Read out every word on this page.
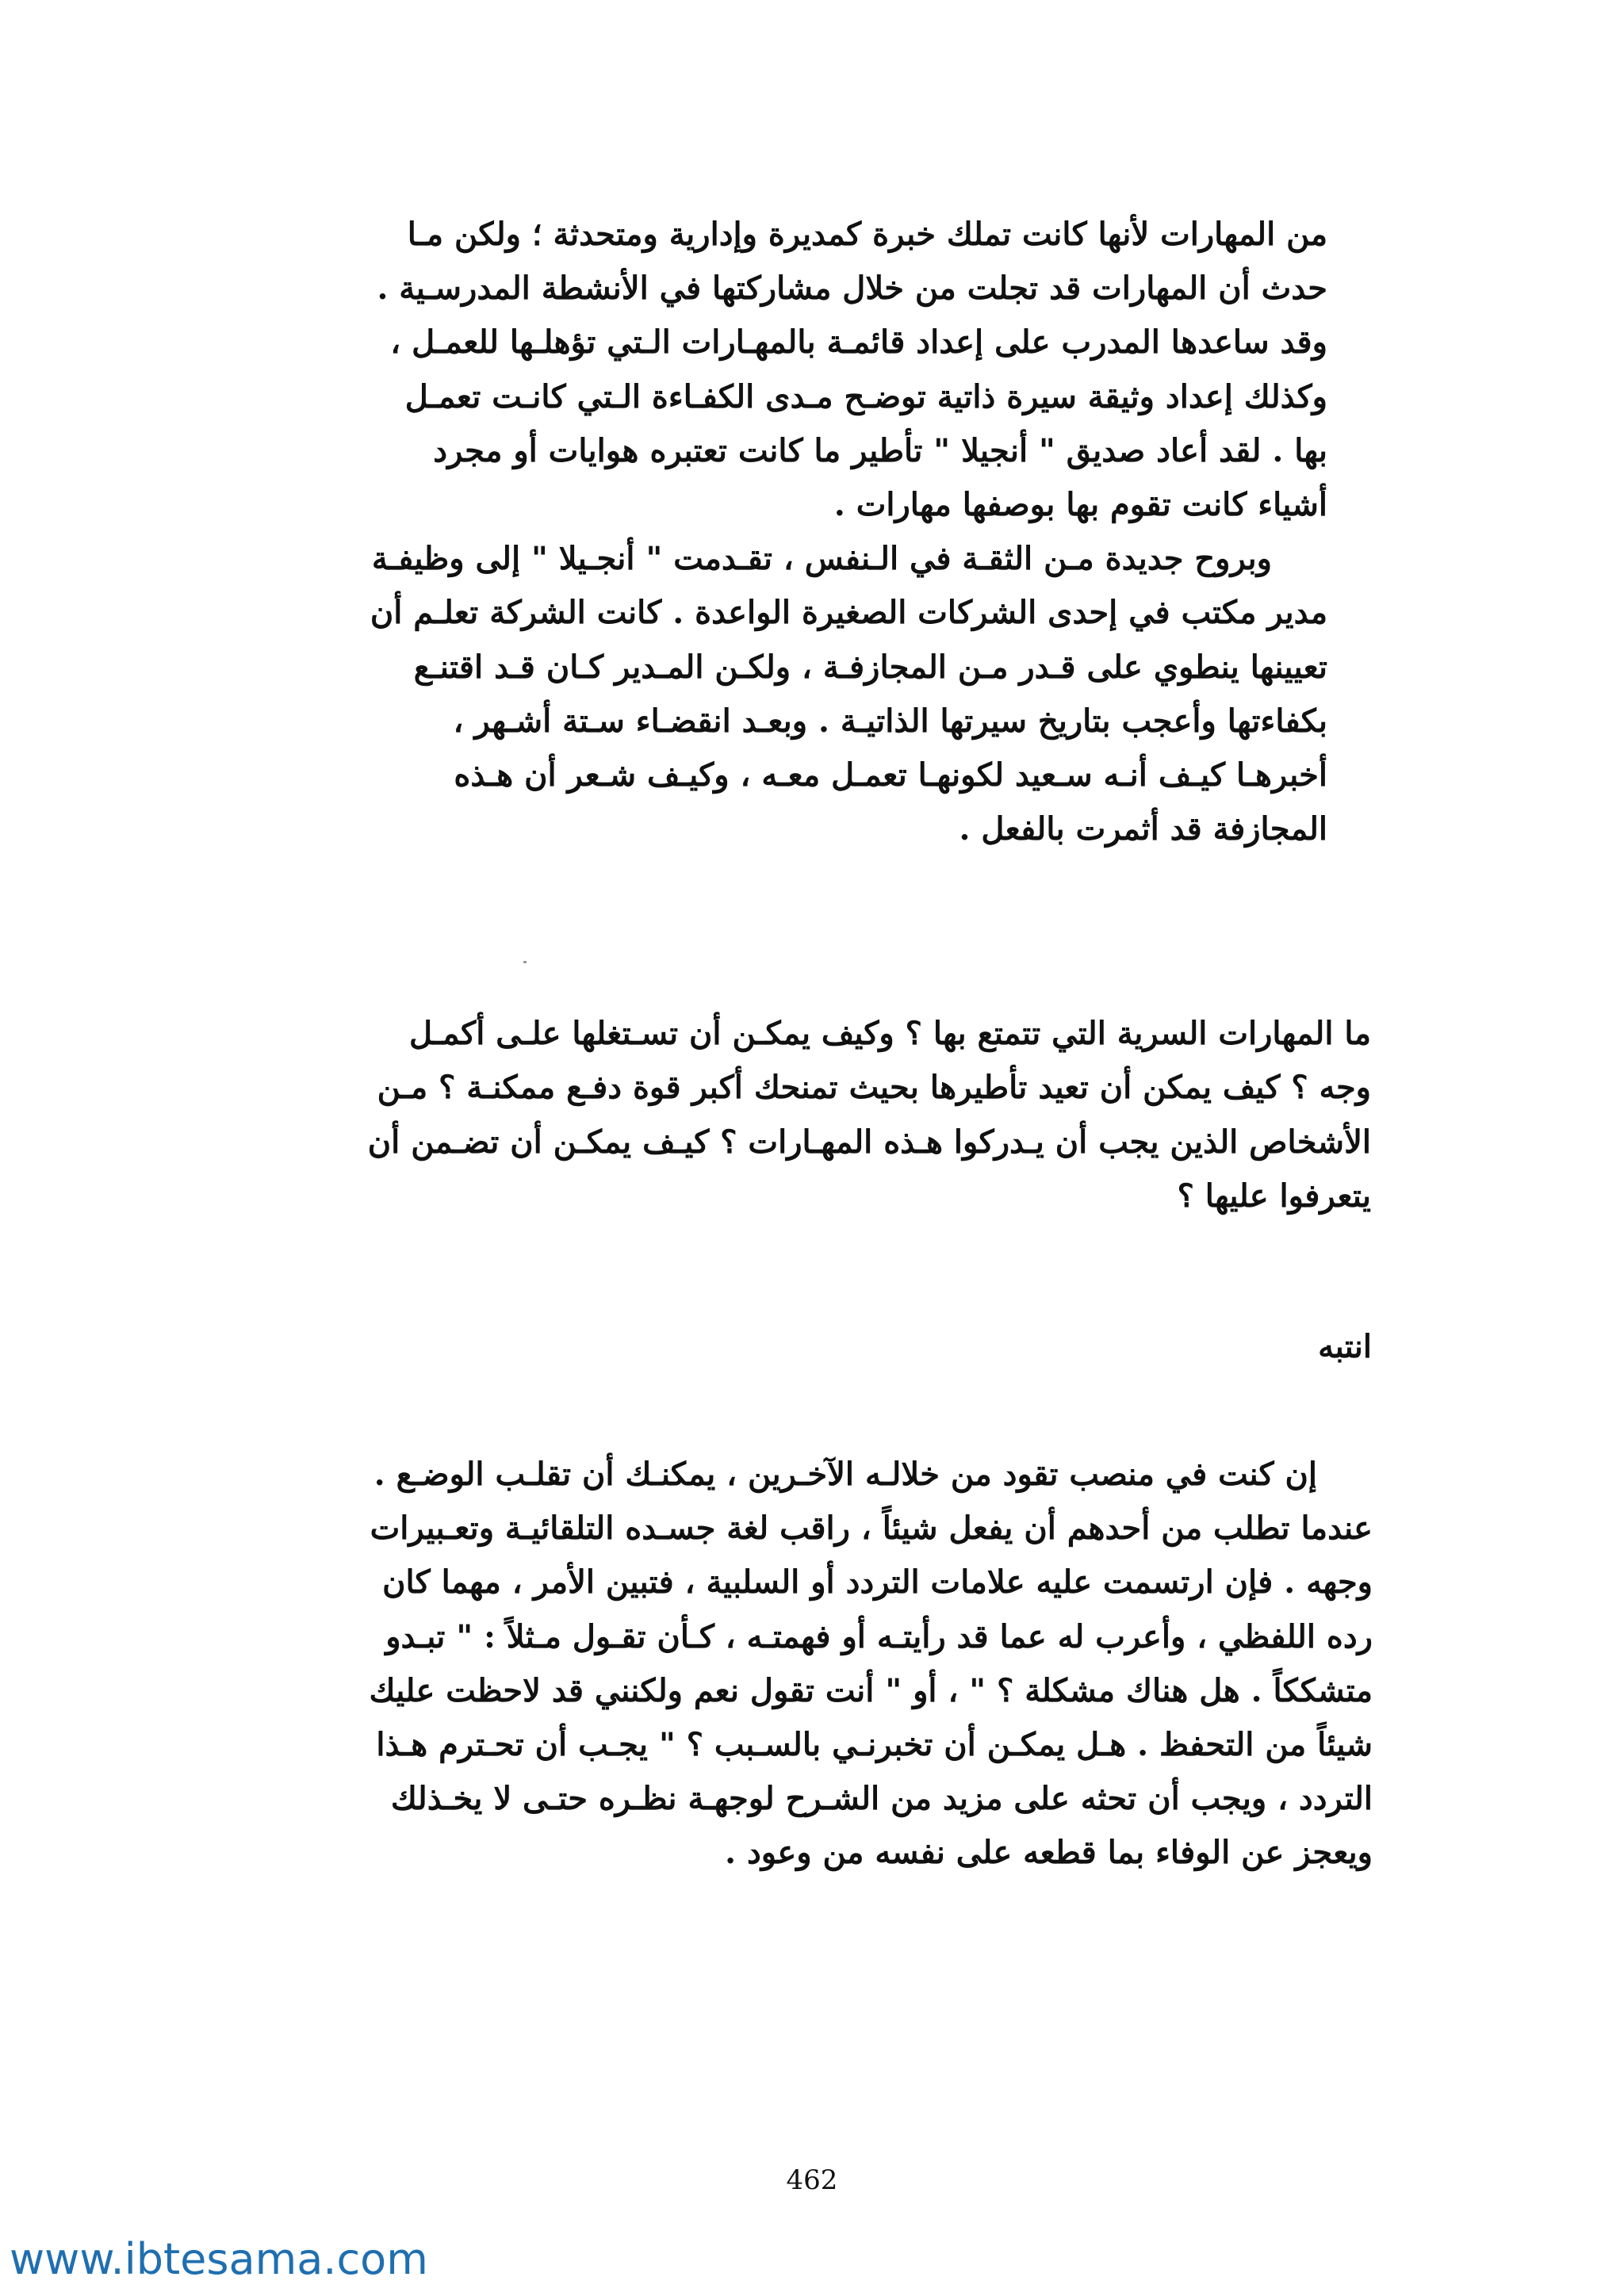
من المهارات لأنها كانت تملك خبرة كمديرة وإدارية ومتحدثة ؛ ولكن مـا
حدث أن المهارات قد تجلت من خلال مشاركتها في الأنشطة المدرسـية .
وقد ساعدها المدرب على إعداد قائمـة بالمهـارات الـتي تؤهلـها للعمـل ،
وكذلك إعداد وثيقة سيرة ذاتية توضـح مـدى الكفـاءة الـتي كانـت تعمـل
بها . لقد أعاد صديق " أنجيلا " تأطير ما كانت تعتبره هوايات أو مجرد
أشياء كانت تقوم بها بوصفها مهارات .
وبروح جديدة مـن الثقـة في الـنفس ، تقـدمت " أنجـيلا " إلى وظيفـة
مدير مكتب في إحدى الشركات الصغيرة الواعدة . كانت الشركة تعلـم أن
تعيينها ينطوي على قـدر مـن المجازفـة ، ولكـن المـدير كـان قـد اقتنـع
بكفاءتها وأعجب بتاريخ سيرتها الذاتيـة . وبعـد انقضـاء سـتة أشـهر ،
أخبرهـا كيـف أنـه سـعيد لكونهـا تعمـل معـه ، وكيـف شـعر أن هـذه
المجازفة قد أثمرت بالفعل .
ما المهارات السرية التي تتمتع بها ؟ وكيف يمكـن أن تسـتغلها علـى أكمـل
وجه ؟ كيف يمكن أن تعيد تأطيرها بحيث تمنحك أكبر قوة دفـع ممكنـة ؟ مـن
الأشخاص الذين يجب أن يـدركوا هـذه المهـارات ؟ كيـف يمكـن أن تضـمن أن
يتعرفوا عليها ؟
انتبه
إن كنت في منصب تقود من خلالـه الآخـرين ، يمكنـك أن تقلـب الوضـع .
عندما تطلب من أحدهم أن يفعل شيئاً ، راقب لغة جسـده التلقائيـة وتعـبيرات
وجهه . فإن ارتسمت عليه علامات التردد أو السلبية ، فتبين الأمر ، مهما كان
رده اللفظي ، وأعرب له عما قد رأيتـه أو فهمتـه ، كـأن تقـول مـثلاً : " تبـدو
متشككاً . هل هناك مشكلة ؟ " ، أو " أنت تقول نعم ولكنني قد لاحظت عليك
شيئاً من التحفظ . هـل يمكـن أن تخبرنـي بالسـبب ؟ " يجـب أن تحـترم هـذا
التردد ، ويجب أن تحثه على مزيد من الشـرح لوجهـة نظـره حتـى لا يخـذلك
ويعجز عن الوفاء بما قطعه على نفسه من وعود .
462
www.ibtesama.com
